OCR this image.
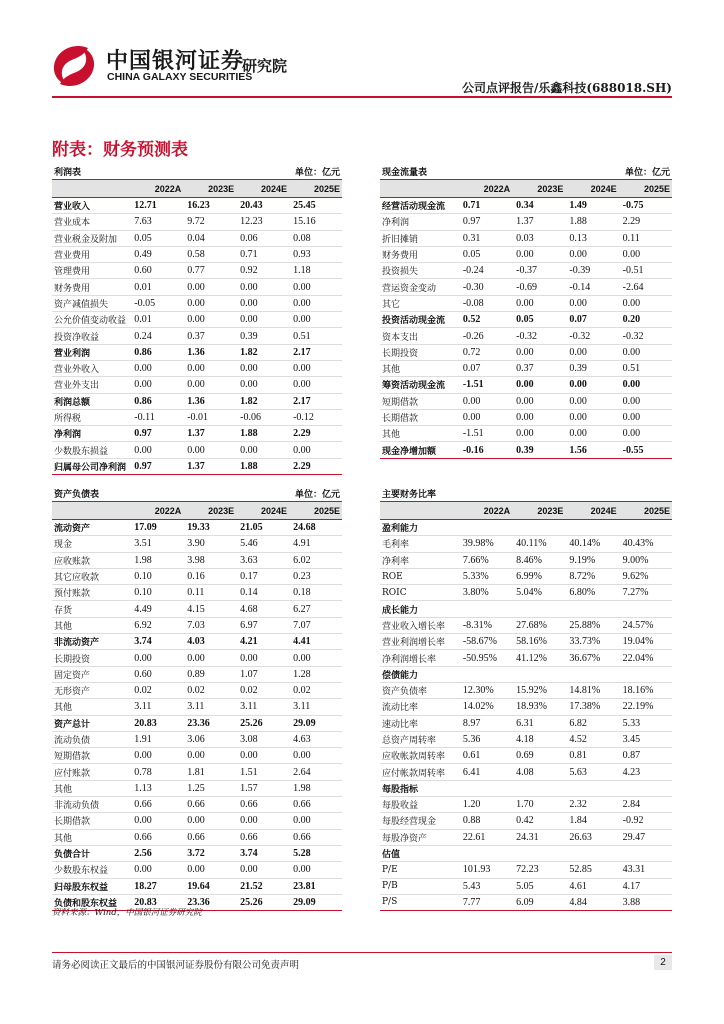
中国银河证券
CHINA GALAXY SECURITIES
研究院
公司点评报告/乐鑫科技(688018.SH)
附表：财务预测表
利润表			单位：亿元	
	2022A	2023E	2024E	2025E
营业收入	12.71	16.23	20.43	25.45
营业成本	7.63	9.72	12.23	15.16
营业税金及附加	0.05	0.04	0.06	0.08
营业费用	0.49	0.58	0.71	0.93
管理费用	0.60	0.77	0.92	1.18
财务费用	0.01	0.00	0.00	0.00
资产减值损失	-0.05	0.00	0.00	0.00
公允价值变动收益	0.01	0.00	0.00	0.00
投资净收益	0.24	0.37	0.39	0.51
营业利润	0.86	1.36	1.82	2.17
营业外收入	0.00	0.00	0.00	0.00
营业外支出	0.00	0.00	0.00	0.00
利润总额	0.86	1.36	1.82	2.17
所得税	-0.11	-0.01	-0.06	-0.12
净利润	0.97	1.37	1.88	2.29
少数股东损益	0.00	0.00	0.00	0.00
归属母公司净利润	0.97	1.37	1.88	2.29
现金流量表			单位：亿元	
	2022A	2023E	2024E	2025E
经营活动现金流	0.71	0.34	1.49	-0.75
净利润	0.97	1.37	1.88	2.29
折旧摊销	0.31	0.03	0.13	0.11
财务费用	0.05	0.00	0.00	0.00
投资损失	-0.24	-0.37	-0.39	-0.51
营运资金变动	-0.30	-0.69	-0.14	-2.64
其它	-0.08	0.00	0.00	0.00
投资活动现金流	0.52	0.05	0.07	0.20
资本支出	-0.26	-0.32	-0.32	-0.32
长期投资	0.72	0.00	0.00	0.00
其他	0.07	0.37	0.39	0.51
筹资活动现金流	-1.51	0.00	0.00	0.00
短期借款	0.00	0.00	0.00	0.00
长期借款	0.00	0.00	0.00	0.00
其他	-1.51	0.00	0.00	0.00
现金净增加额	-0.16	0.39	1.56	-0.55
资产负债表			单位：亿元	
	2022A	2023E	2024E	2025E
流动资产	17.09	19.33	21.05	24.68
现金	3.51	3.90	5.46	4.91
应收账款	1.98	3.98	3.63	6.02
其它应收款	0.10	0.16	0.17	0.23
预付账款	0.10	0.11	0.14	0.18
存货	4.49	4.15	4.68	6.27
其他	6.92	7.03	6.97	7.07
非流动资产	3.74	4.03	4.21	4.41
长期投资	0.00	0.00	0.00	0.00
固定资产	0.60	0.89	1.07	1.28
无形资产	0.02	0.02	0.02	0.02
其他	3.11	3.11	3.11	3.11
资产总计	20.83	23.36	25.26	29.09
流动负债	1.91	3.06	3.08	4.63
短期借款	0.00	0.00	0.00	0.00
应付账款	0.78	1.81	1.51	2.64
其他	1.13	1.25	1.57	1.98
非流动负债	0.66	0.66	0.66	0.66
长期借款	0.00	0.00	0.00	0.00
其他	0.66	0.66	0.66	0.66
负债合计	2.56	3.72	3.74	5.28
少数股东权益	0.00	0.00	0.00	0.00
归母股东权益	18.27	19.64	21.52	23.81
负债和股东权益	20.83	23.36	25.26	29.09
主要财务比率				
	2022A	2023E	2024E	2025E
盈利能力				
毛利率	39.98%	40.11%	40.14%	40.43%
净利率	7.66%	8.46%	9.19%	9.00%
ROE	5.33%	6.99%	8.72%	9.62%
ROIC	3.80%	5.04%	6.80%	7.27%
成长能力				
营业收入增长率	-8.31%	27.68%	25.88%	24.57%
营业利润增长率	-58.67%	58.16%	33.73%	19.04%
净利润增长率	-50.95%	41.12%	36.67%	22.04%
偿债能力				
资产负债率	12.30%	15.92%	14.81%	18.16%
流动比率	14.02%	18.93%	17.38%	22.19%
速动比率	8.97	6.31	6.82	5.33
总资产周转率	5.36	4.18	4.52	3.45
应收帐款周转率	0.61	0.69	0.81	0.87
应付帐款周转率	6.41	4.08	5.63	4.23
每股指标				
每股收益	1.20	1.70	2.32	2.84
每股经营现金	0.88	0.42	1.84	-0.92
每股净资产	22.61	24.31	26.63	29.47
估值				
P/E	101.93	72.23	52.85	43.31
P/B	5.43	5.05	4.61	4.17
P/S	7.77	6.09	4.84	3.88
资料来源：Wind，中国银河证券研究院
请务必阅读正文最后的中国银河证券股份有限公司免责声明	2
